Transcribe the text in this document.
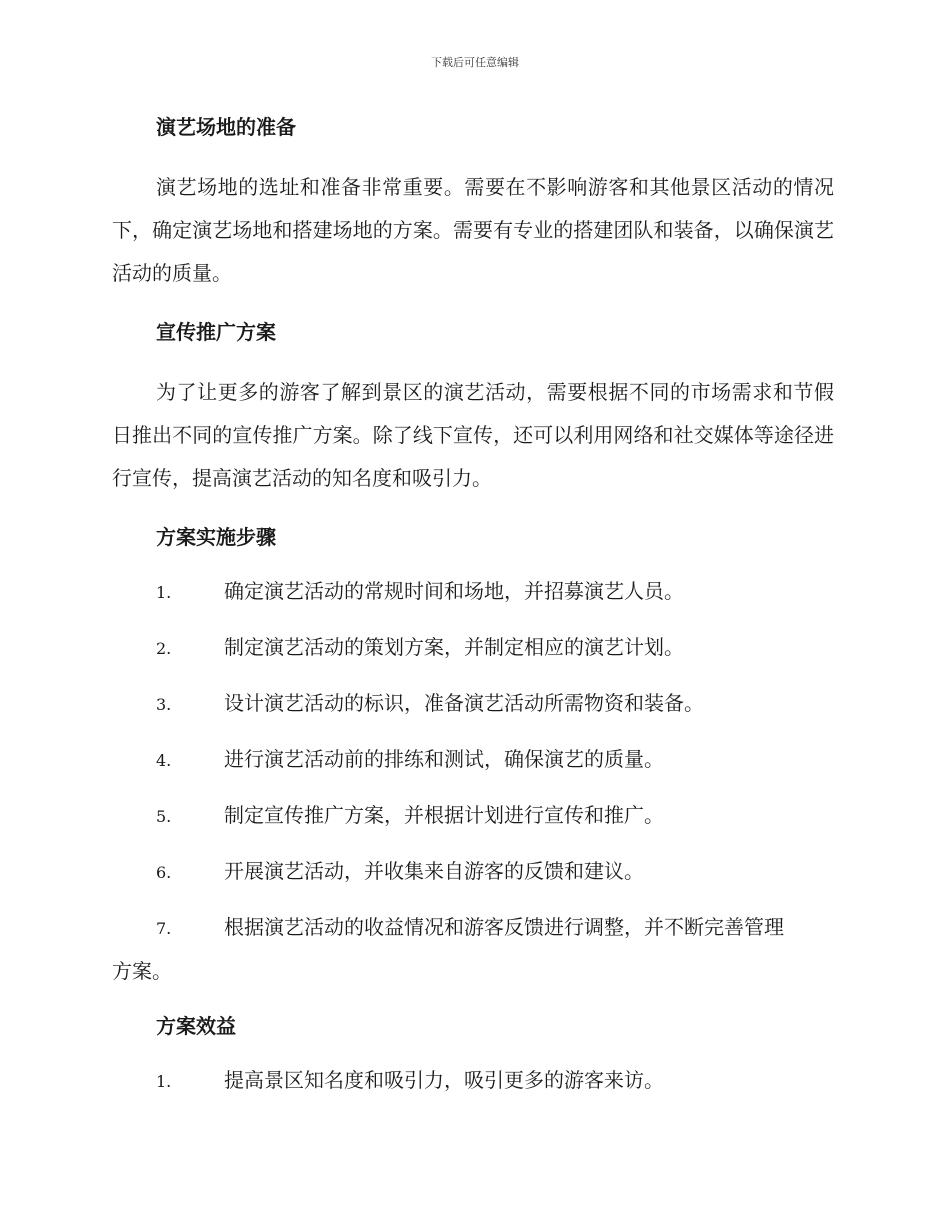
下载后可任意编辑
演艺场地的准备

演艺场地的选址和准备非常重要。需要在不影响游客和其他景区活动的情况下，确定演艺场地和搭建场地的方案。需要有专业的搭建团队和装备，以确保演艺活动的质量。

宣传推广方案

为了让更多的游客了解到景区的演艺活动，需要根据不同的市场需求和节假日推出不同的宣传推广方案。除了线下宣传，还可以利用网络和社交媒体等途径进行宣传，提高演艺活动的知名度和吸引力。

方案实施步骤
1.	确定演艺活动的常规时间和场地，并招募演艺人员。
2.	制定演艺活动的策划方案，并制定相应的演艺计划。
3.	设计演艺活动的标识，准备演艺活动所需物资和装备。
4.	进行演艺活动前的排练和测试，确保演艺的质量。
5.	制定宣传推广方案，并根据计划进行宣传和推广。
6.	开展演艺活动，并收集来自游客的反馈和建议。
7.	根据演艺活动的收益情况和游客反馈进行调整，并不断完善管理
方案。
方案效益
1.	提高景区知名度和吸引力，吸引更多的游客来访。
